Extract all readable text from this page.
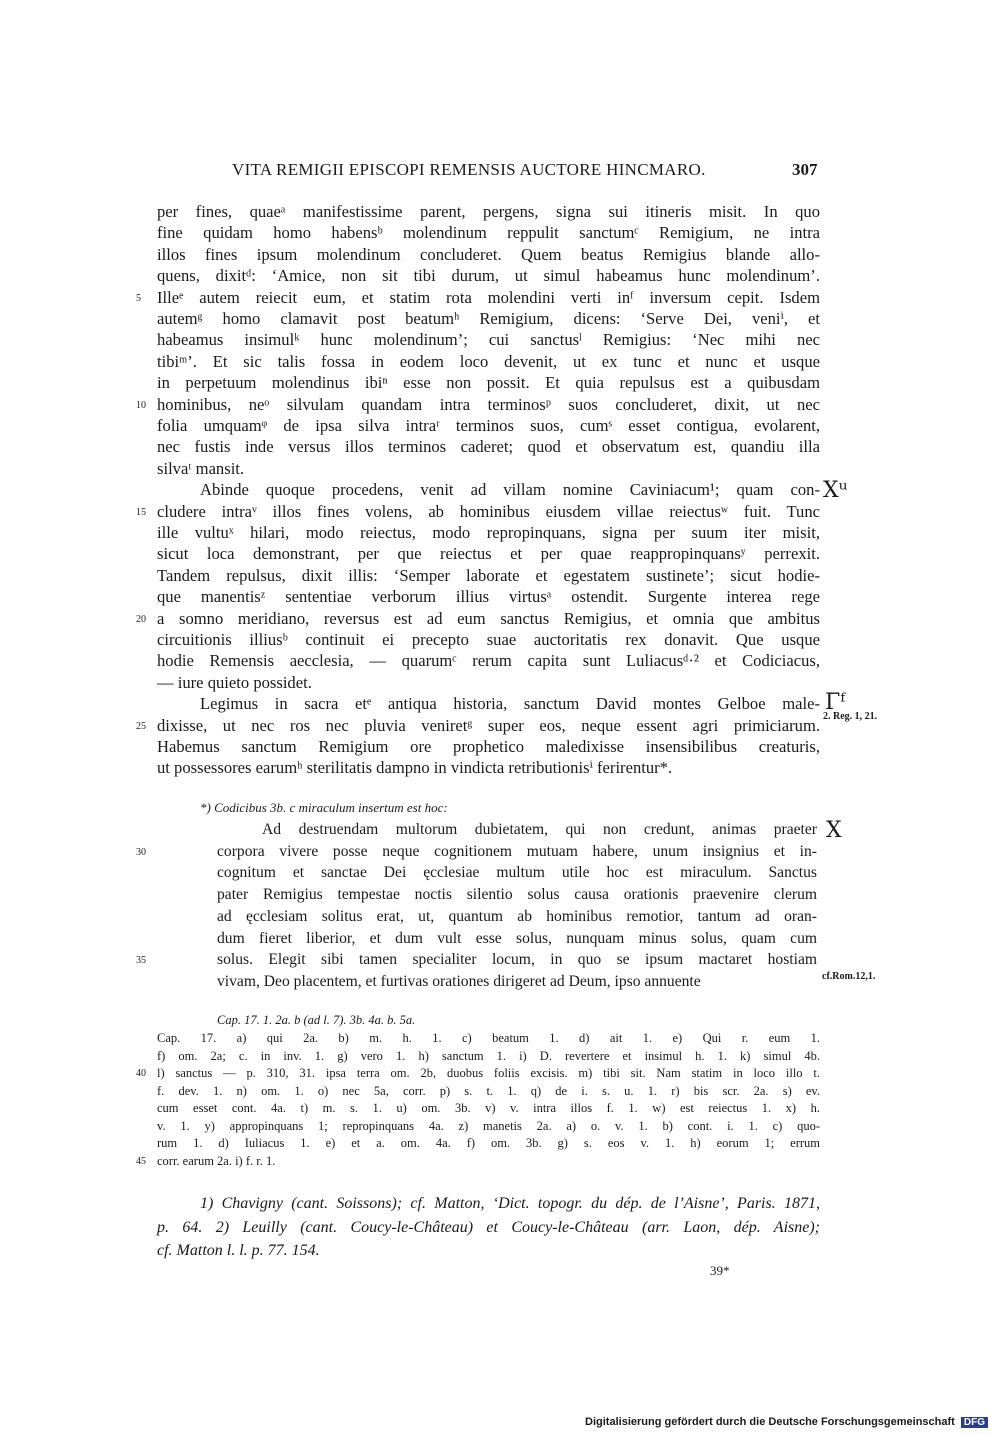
VITA REMIGII EPISCOPI REMENSIS AUCTORE HINCMARO.	307
per fines, quaeᵃ manifestissime parent, pergens, signa sui itineris misit. In quo
fine quidam homo habensᵇ molendinum reppulit sanctumᶜ Remigium, ne intra
illos fines ipsum molendinum concluderet. Quem beatus Remigius blande allo-
quens, dixitᵈ: ‘Amice, non sit tibi durum, ut simul habeamus hunc molendinum’.
Illeᵉ autem reiecit eum, et statim rota molendini verti inᶠ inversum cepit. Isdem
autemᵍ homo clamavit post beatumʰ Remigium, dicens: ‘Serve Dei, veniⁱ, et
habeamus insimulᵏ hunc molendinum’; cui sanctusˡ Remigius: ‘Nec mihi nec
tibiᵐ’. Et sic talis fossa in eodem loco devenit, ut ex tunc et nunc et usque
in perpetuum molendinus ibiⁿ esse non possit. Et quia repulsus est a quibusdam
hominibus, neᵒ silvulam quandam intra terminosᵖ suos concluderet, dixit, ut nec
folia umquamᵠ de ipsa silva intraʳ terminos suos, cumˢ esset contigua, evolarent,
nec fustis inde versus illos terminos caderet; quod et observatum est, quandiu illa
silvaᵗ mansit.
Abinde quoque procedens, venit ad villam nomine Caviniacum¹; quam con-
cludere intraᵛ illos fines volens, ab hominibus eiusdem villae reiectusʷ fuit. Tunc
ille vultuˣ hilari, modo reiectus, modo repropinquans, signa per suum iter misit,
sicut loca demonstrant, per que reiectus et per quae reappropinquansʸ perrexit.
Tandem repulsus, dixit illis: ‘Semper laborate et egestatem sustinete’; sicut hodie-
que manentisᶻ sententiae verborum illius virtusᵃ ostendit. Surgente interea rege
a somno meridiano, reversus est ad eum sanctus Remigius, et omnia que ambitus
circuitionis illiusᵇ continuit ei precepto suae auctoritatis rex donavit. Que usque
hodie Remensis aecclesia, — quarumᶜ rerum capita sunt Luliacusᵈ·² et Codiciacus,
— iure quieto possidet.
Legimus in sacra etᵉ antiqua historia, sanctum David montes Gelboe male-
dixisse, ut nec ros nec pluvia veniretᵍ super eos, neque essent agri primiciarum.
Habemus sanctum Remigium ore prophetico maledixisse insensibilibus creaturis,
ut possessores earumʰ sterilitatis dampno in vindicta retributionisⁱ ferirentur*.
5
10
15
20
25
30
35
40
45
Xᵘ
Γᶠ
2. Reg. 1, 21.
*) Codicibus 3b. c miraculum insertum est hoc:
Ad destruendam multorum dubietatem, qui non credunt, animas praeter
corpora vivere posse neque cognitionem mutuam habere, unum insignius et in-
cognitum et sanctae Dei ęcclesiae multum utile hoc est miraculum. Sanctus
pater Remigius tempestae noctis silentio solus causa orationis praevenire clerum
ad ęcclesiam solitus erat, ut, quantum ab hominibus remotior, tantum ad oran-
dum fieret liberior, et dum vult esse solus, nunquam minus solus, quam cum
solus. Elegit sibi tamen specialiter locum, in quo se ipsum mactaret hostiam
vivam, Deo placentem, et furtivas orationes dirigeret ad Deum, ipso annuente
X
cf.Rom.12,1.
Cap. 17. 1. 2a. b (ad l. 7). 3b. 4a. b. 5a.
Cap. 17. a) qui 2a. b) m. h. 1. c) beatum 1. d) ait 1. e) Qui r. eum 1.
f) om. 2a; c. in inv. 1. g) vero 1. h) sanctum 1. i) D. revertere et insimul h. 1. k) simul 4b.
l) sanctus — p. 310, 31. ipsa terra om. 2b, duobus foliis excisis. m) tibi sit. Nam statim in loco illo t.
f. dev. 1. n) om. 1. o) nec 5a, corr. p) s. t. 1. q) de i. s. u. 1. r) bis scr. 2a. s) ev.
cum esset cont. 4a. t) m. s. 1. u) om. 3b. v) v. intra illos f. 1. w) est reiectus 1. x) h.
v. 1. y) appropinquans 1; repropinquans 4a. z) manetis 2a. a) o. v. 1. b) cont. i. 1. c) quo-
rum 1. d) Iuliacus 1. e) et a. om. 4a. f) om. 3b. g) s. eos v. 1. h) eorum 1; errum
corr. earum 2a. i) f. r. 1.
1) Chavigny (cant. Soissons); cf. Matton, ‘Dict. topogr. du dép. de l’Aisne’, Paris. 1871,
p. 64. 2) Leuilly (cant. Coucy-le-Château) et Coucy-le-Château (arr. Laon, dép. Aisne);
cf. Matton l. l. p. 77. 154.
39*
Digitalisierung gefördert durch die Deutsche Forschungsgemeinschaft DFG
